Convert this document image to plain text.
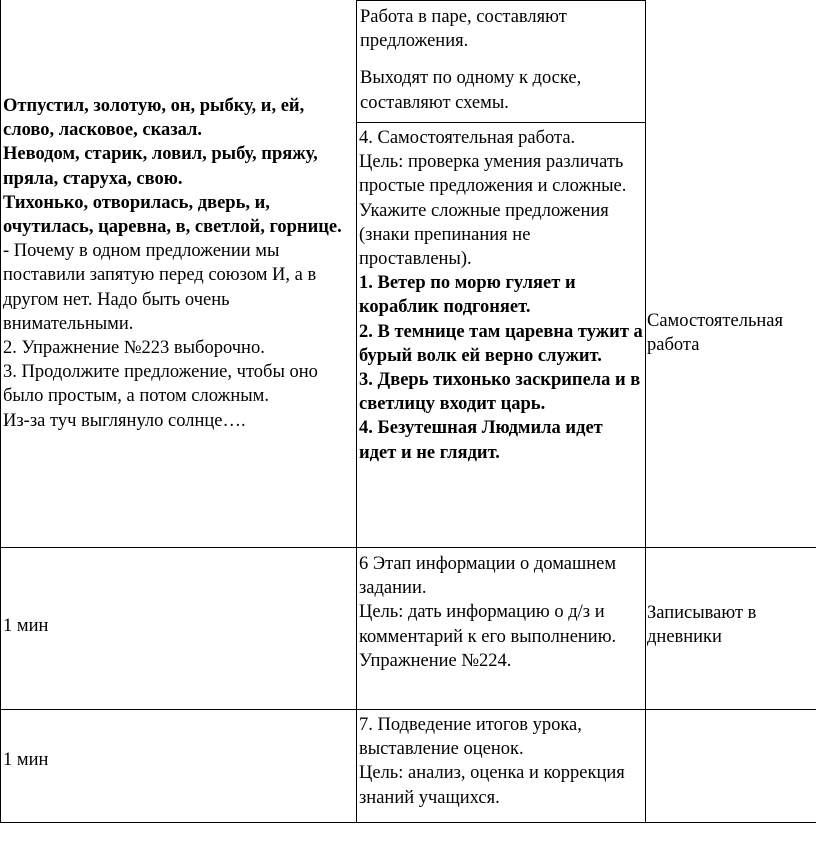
Работа в паре, составляют предложения.

Выходят по одному к доске, составляют схемы.

Отпустил, золотую, он, рыбку, и, ей, слово, ласковое, сказал.

Неводом, старик, ловил, рыбу, пряжу, пряла, старуха, свою.

Тихонько, отворилась, дверь, и, очутилась, царевна, в, светлой, горнице.

- Почему в одном предложении мы поставили запятую перед союзом И, а в другом нет. Надо быть очень внимательными.

2. Упражнение №223 выборочно.

3. Продолжите предложение, чтобы оно было простым, а потом сложным.

Из-за туч выглянуло солнце….

4. Самостоятельная работа.

Цель: проверка умения различать простые предложения и сложные.

Укажите сложные предложения (знаки препинания не проставлены).

1. Ветер по морю гуляет и кораблик подгоняет.

2. В темнице там царевна тужит а бурый волк ей верно служит.

3. Дверь тихонько заскрипела и в светлицу входит царь.

4. Безутешная Людмила идет идет и не глядит.

Самостоятельная работа

1 мин

6 Этап информации о домашнем задании.

Цель: дать информацию о д/з и комментарий к его выполнению. Упражнение №224.

Записывают в дневники

1 мин

7. Подведение итогов урока, выставление оценок.

Цель: анализ, оценка и коррекция знаний учащихся.
